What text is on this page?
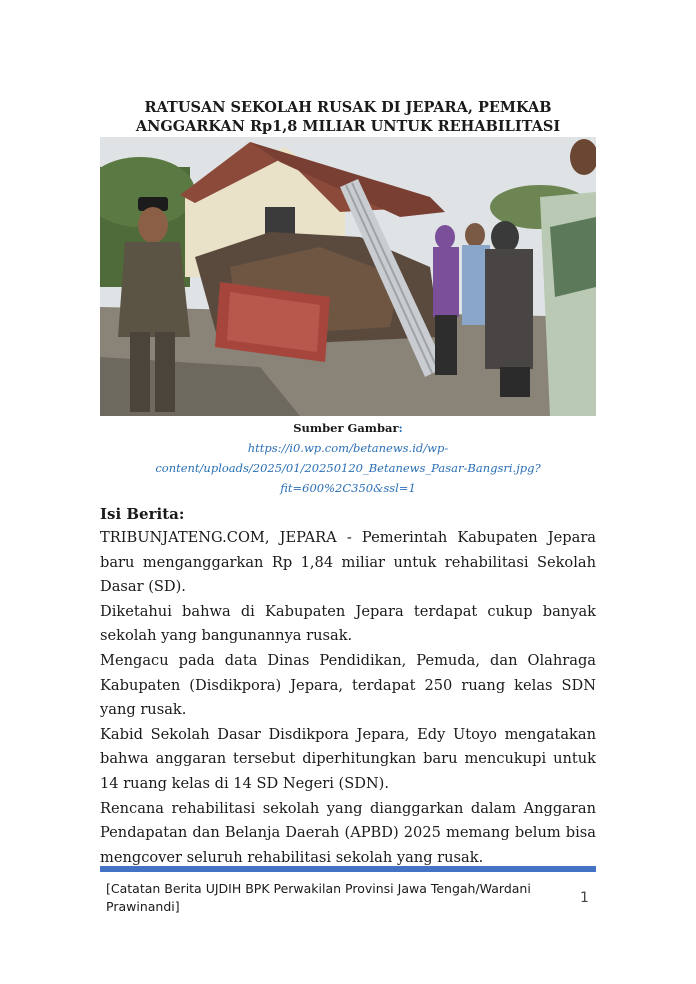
RATUSAN SEKOLAH RUSAK DI JEPARA, PEMKAB ANGGARKAN Rp1,8 MILIAR UNTUK REHABILITASI
Sumber Gambar:
https://i0.wp.com/betanews.id/wp-content/uploads/2025/01/20250120_Betanews_Pasar-Bangsri.jpg?fit=600%2C350&ssl=1
Isi Berita:

TRIBUNJATENG.COM, JEPARA - Pemerintah Kabupaten Jepara baru menganggarkan Rp 1,84 miliar untuk rehabilitasi Sekolah Dasar (SD).

Diketahui bahwa di Kabupaten Jepara terdapat cukup banyak sekolah yang bangunannya rusak.

Mengacu pada data Dinas Pendidikan, Pemuda, dan Olahraga Kabupaten (Disdikpora) Jepara, terdapat 250 ruang kelas SDN yang rusak.

Kabid Sekolah Dasar Disdikpora Jepara, Edy Utoyo mengatakan bahwa anggaran tersebut diperhitungkan baru mencukupi untuk 14 ruang kelas di 14 SD Negeri (SDN).

Rencana rehabilitasi sekolah yang dianggarkan dalam Anggaran Pendapatan dan Belanja Daerah (APBD) 2025 memang belum bisa mengcover seluruh rehabilitasi sekolah yang rusak.

[Catatan Berita UJDIH BPK Perwakilan Provinsi Jawa Tengah/Wardani Prawinandi]
1
